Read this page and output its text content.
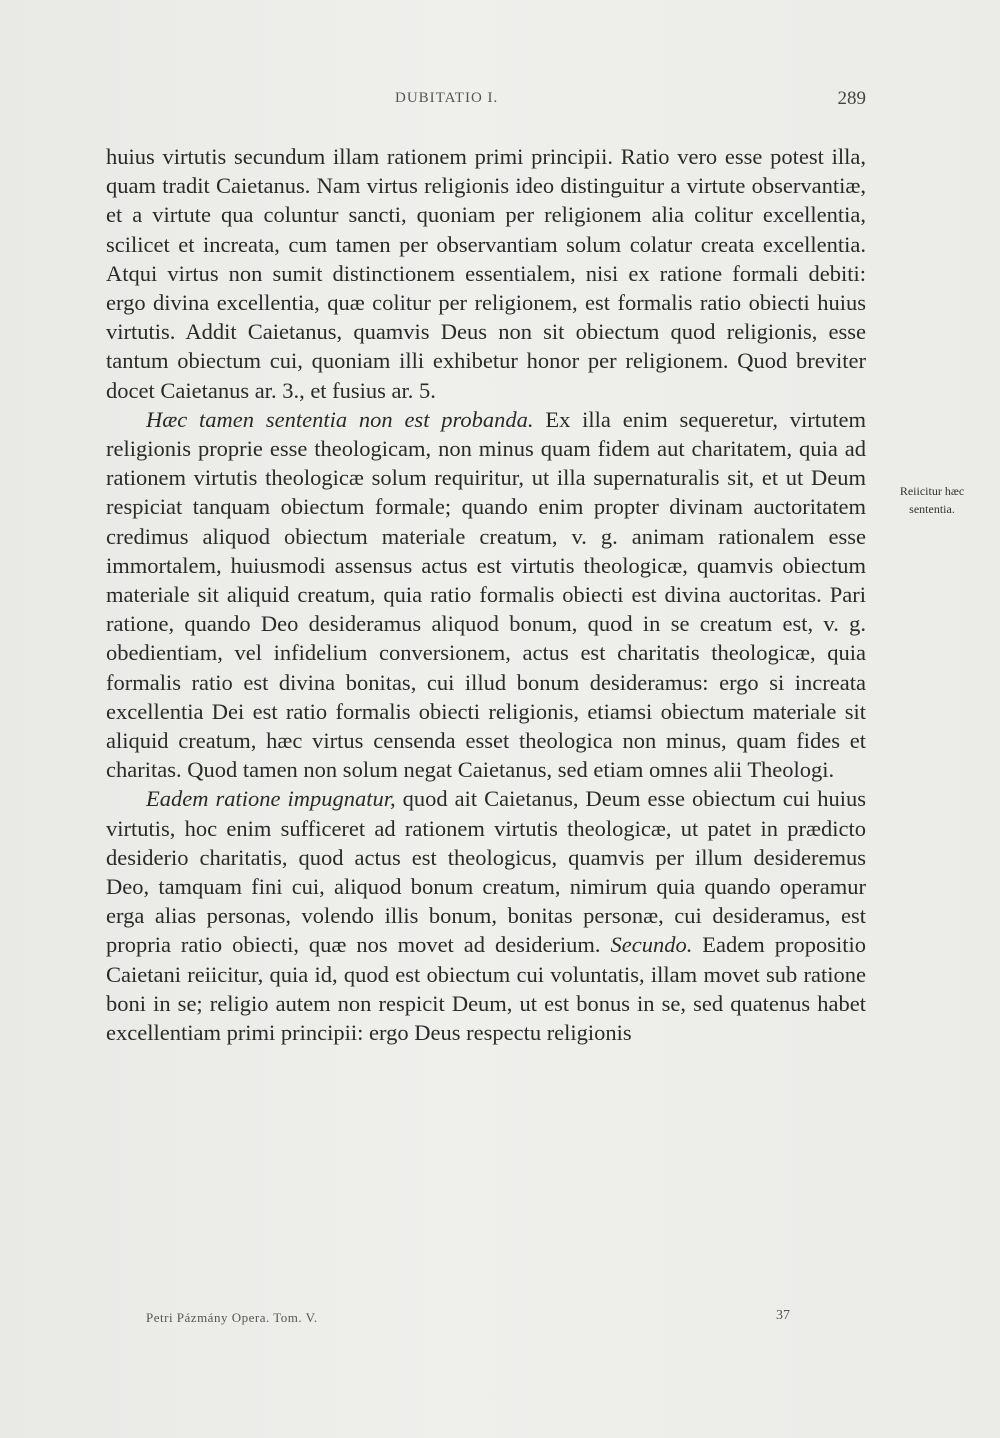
DUBITATIO I.	289

huius virtutis secundum illam rationem primi principii. Ratio vero esse potest illa, quam tradit Caietanus. Nam virtus religionis ideo distinguitur a virtute observantiæ, et a virtute qua coluntur sancti, quoniam per religionem alia colitur excellentia, scilicet et increata, cum tamen per observantiam solum colatur creata excellentia. Atqui virtus non sumit distinctionem essentialem, nisi ex ratione formali debiti: ergo divina excellentia, quæ colitur per religionem, est formalis ratio obiecti huius virtutis. Addit Caietanus, quamvis Deus non sit obiectum quod religionis, esse tantum obiectum cui, quoniam illi exhibetur honor per religionem. Quod breviter docet Caietanus ar. 3., et fusius ar. 5.

Hæc tamen sententia non est probanda. Ex illa enim sequeretur, virtutem religionis proprie esse theologicam, non minus quam fidem aut charitatem, quia ad rationem virtutis theologicæ solum requiritur, ut illa supernaturalis sit, et ut Deum respiciat tanquam obiectum formale; quando enim propter divinam auctoritatem credimus aliquod obiectum materiale creatum, v. g. animam rationalem esse immortalem, huiusmodi assensus actus est virtutis theologicæ, quamvis obiectum materiale sit aliquid creatum, quia ratio formalis obiecti est divina auctoritas. Pari ratione, quando Deo desideramus aliquod bonum, quod in se creatum est, v. g. obedientiam, vel infidelium conversionem, actus est charitatis theologicæ, quia formalis ratio est divina bonitas, cui illud bonum desideramus: ergo si increata excellentia Dei est ratio formalis obiecti religionis, etiamsi obiectum materiale sit aliquid creatum, hæc virtus censenda esset theologica non minus, quam fides et charitas. Quod tamen non solum negat Caietanus, sed etiam omnes alii Theologi.

Eadem ratione impugnatur, quod ait Caietanus, Deum esse obiectum cui huius virtutis, hoc enim sufficeret ad rationem virtutis theologicæ, ut patet in prædicto desiderio charitatis, quod actus est theologicus, quamvis per illum desideremus Deo, tamquam fini cui, aliquod bonum creatum, nimirum quia quando operamur erga alias personas, volendo illis bonum, bonitas personæ, cui desideramus, est propria ratio obiecti, quæ nos movet ad desiderium. Secundo. Eadem propositio Caietani reiicitur, quia id, quod est obiectum cui voluntatis, illam movet sub ratione boni in se; religio autem non respicit Deum, ut est bonus in se, sed quatenus habet excellentiam primi principii: ergo Deus respectu religionis

Reiicitur hæc
sententia.
Petri Pázmány Opera. Tom. V.	37
